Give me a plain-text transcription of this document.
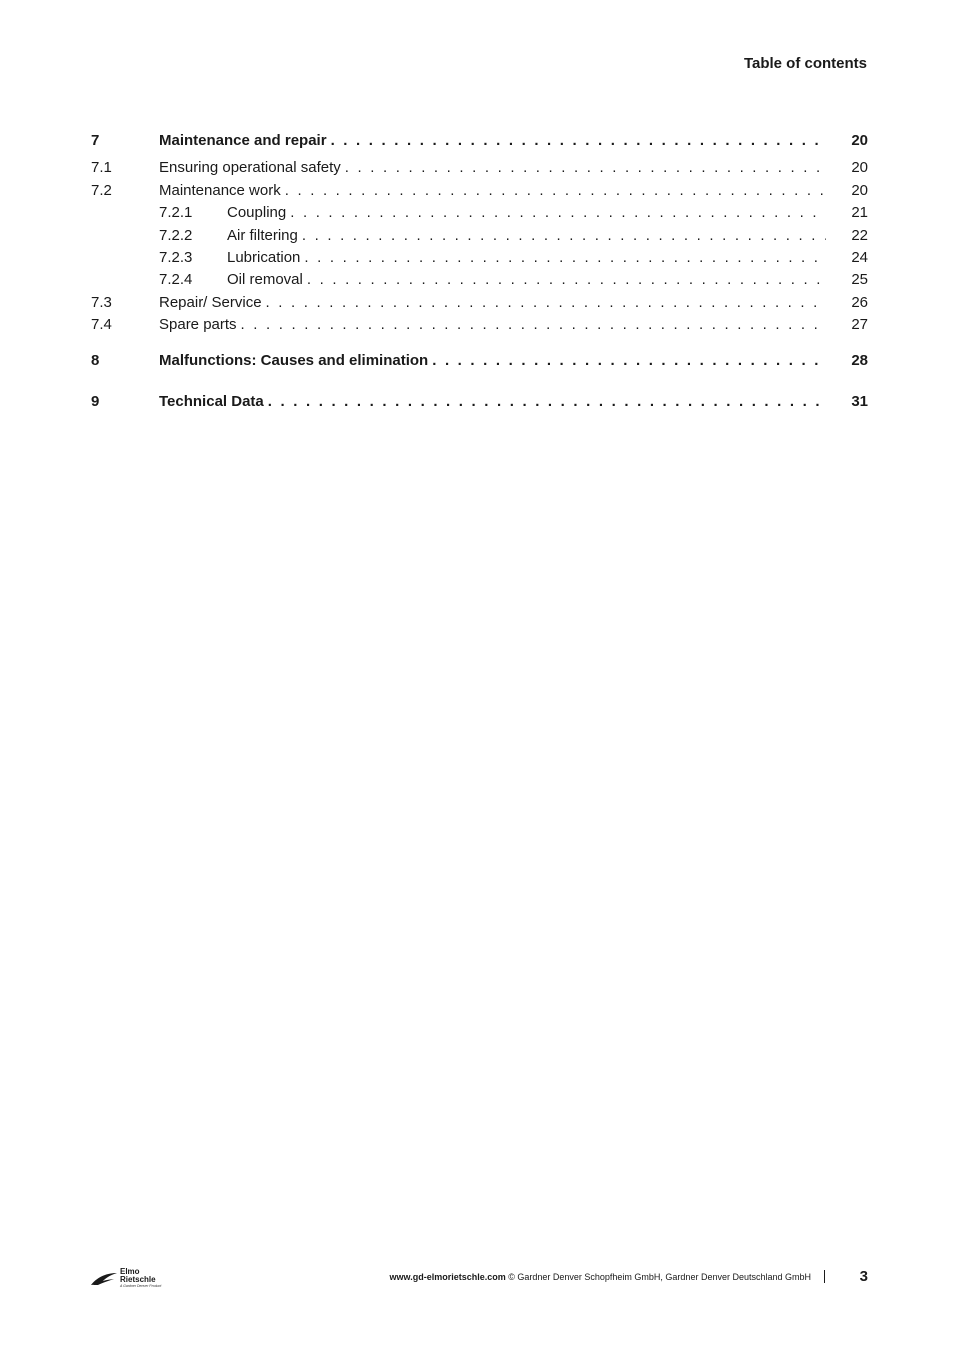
Table of contents
7	Maintenance and repair . . .	20
7.1	Ensuring operational safety . . .	20
7.2	Maintenance work . . .	20
7.2.1 Coupling . . .	21
7.2.2 Air filtering . . .	22
7.2.3 Lubrication . . .	24
7.2.4 Oil removal . . .	25
7.3	Repair/ Service . . .	26
7.4	Spare parts . . .	27
8	Malfunctions: Causes and elimination . . .	28
9	Technical Data . . .	31
Elmo
Rietschle
A Gardner Denver Product
www.gd-elmorietschle.com © Gardner Denver Schopfheim GmbH, Gardner Denver Deutschland GmbH	3
